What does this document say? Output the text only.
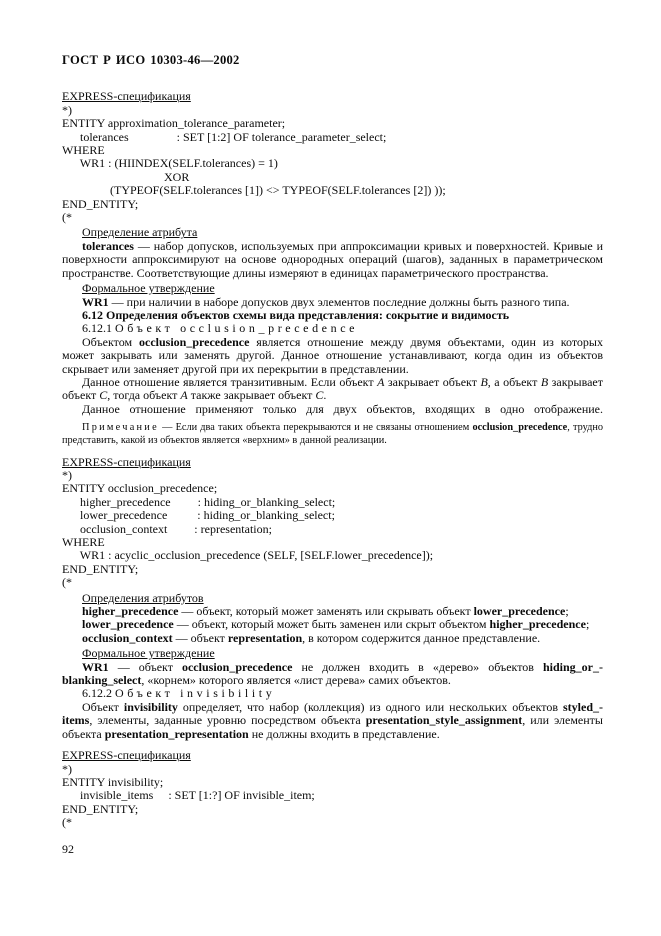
ГОСТ Р ИСО 10303-46—2002

EXPRESS-спецификация

*)
ENTITY approximation_tolerance_parameter;
tolerances                : SET [1:2] OF tolerance_parameter_select;
WHERE
WR1 : (HIINDEX(SELF.tolerances) = 1)
XOR
(TYPEOF(SELF.tolerances [1]) <> TYPEOF(SELF.tolerances [2]) ));
END_ENTITY;
(*

Определение атрибута

tolerances — набор допусков, используемых при аппроксимации кривых и поверхностей. Кривые и поверхности аппроксимируют на основе однородных операций (шагов), заданных в параметрическом пространстве. Соответствующие длины измеряют в единицах параметрического пространства.

Формальное утверждение

WR1 — при наличии в наборе допусков двух элементов последние должны быть разного типа.

6.12 Определения объектов схемы вида представления: сокрытие и видимость

6.12.1 Объект occlusion_precedence

Объектом occlusion_precedence является отношение между двумя объектами, один из которых может закрывать или заменять другой. Данное отношение устанавливают, когда один из объектов скрывает или заменяет другой при их перекрытии в представлении.

Данное отношение является транзитивным. Если объект A закрывает объект B, а объект B закрывает объект C, тогда объект A также закрывает объект C.

Данное отношение применяют только для двух объектов, входящих в одно отображение.

Примечание — Если два таких объекта перекрываются и не связаны отношением occlusion_precedence, трудно представить, какой из объектов является «верхним» в данной реализации.

EXPRESS-спецификация

*)
ENTITY occlusion_precedence;
higher_precedence         : hiding_or_blanking_select;
lower_precedence          : hiding_or_blanking_select;
occlusion_context         : representation;
WHERE
WR1 : acyclic_occlusion_precedence (SELF, [SELF.lower_precedence]);
END_ENTITY;
(*

Определения атрибутов

higher_precedence — объект, который может заменять или скрывать объект lower_precedence;

lower_precedence — объект, который может быть заменен или скрыт объектом higher_precedence;

occlusion_context — объект representation, в котором содержится данное представление.

Формальное утверждение

WR1 — объект occlusion_precedence не должен входить в «дерево» объектов hiding_or_-blanking_select, «корнем» которого является «лист дерева» самих объектов.

6.12.2 Объект invisibility

Объект invisibility определяет, что набор (коллекция) из одного или нескольких объектов styled_-items, элементы, заданные уровню посредством объекта presentation_style_assignment, или элементы объекта presentation_representation не должны входить в представление.

EXPRESS-спецификация

*)
ENTITY invisibility;
invisible_items     : SET [1:?] OF invisible_item;
END_ENTITY;
(*
92
